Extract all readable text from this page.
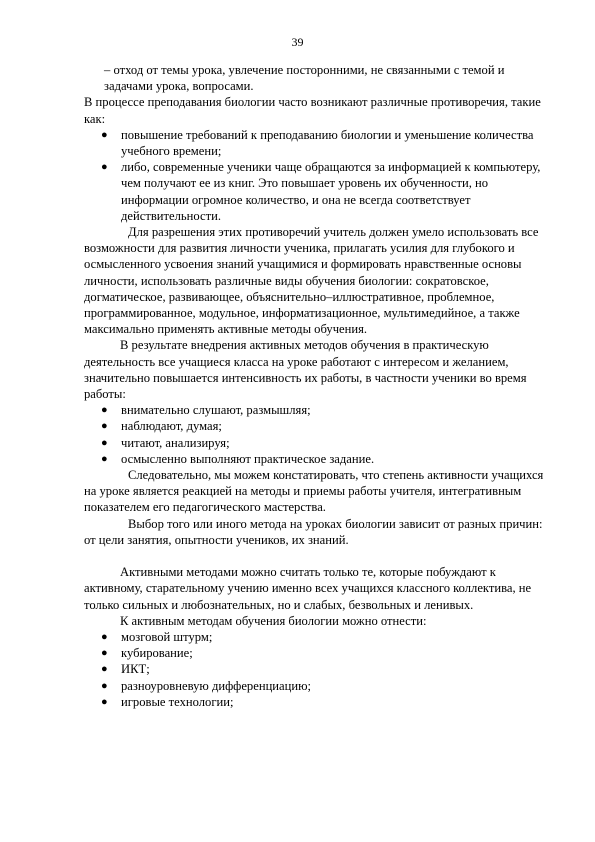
39

– отход от темы урока, увлечение посторонними, не связанными с темой и задачами урока, вопросами.

В процессе преподавания биологии часто возникают различные противоречия, такие как:

● повышение требований к преподаванию биологии и уменьшение количества учебного времени;
● либо, современные ученики чаще обращаются за информацией к компьютеру, чем получают ее из книг. Это повышает уровень их обученности, но информации огромное количество, и она не всегда соответствует действительности.

Для разрешения этих противоречий учитель должен умело использовать все возможности для развития личности ученика, прилагать усилия для глубокого и осмысленного усвоения знаний учащимися и формировать нравственные основы личности, использовать различные виды обучения биологии: сократовское, догматическое, развивающее, объяснительно–иллюстративное, проблемное, программированное, модульное, информатизационное, мультимедийное, а также максимально применять активные методы обучения.

В результате внедрения активных методов обучения в практическую деятельность все учащиеся класса на уроке работают с интересом и желанием, значительно повышается интенсивность их работы, в частности ученики во время работы:

● внимательно слушают, размышляя;
● наблюдают, думая;
● читают, анализируя;
● осмысленно выполняют практическое задание.

Следовательно, мы можем констатировать, что степень активности учащихся на уроке является реакцией на методы и приемы работы учителя, интегративным показателем его педагогического мастерства.

Выбор того или иного метода на уроках биологии зависит от разных причин: от цели занятия, опытности учеников, их знаний.

Активными методами можно считать только те, которые побуждают к активному, старательному учению именно всех учащихся классного коллектива, не только сильных и любознательных, но и слабых, безвольных и ленивых.

К активным методам обучения биологии можно отнести:

● мозговой штурм;
● кубирование;
● ИКТ;
● разноуровневую дифференциацию;
● игровые технологии;
